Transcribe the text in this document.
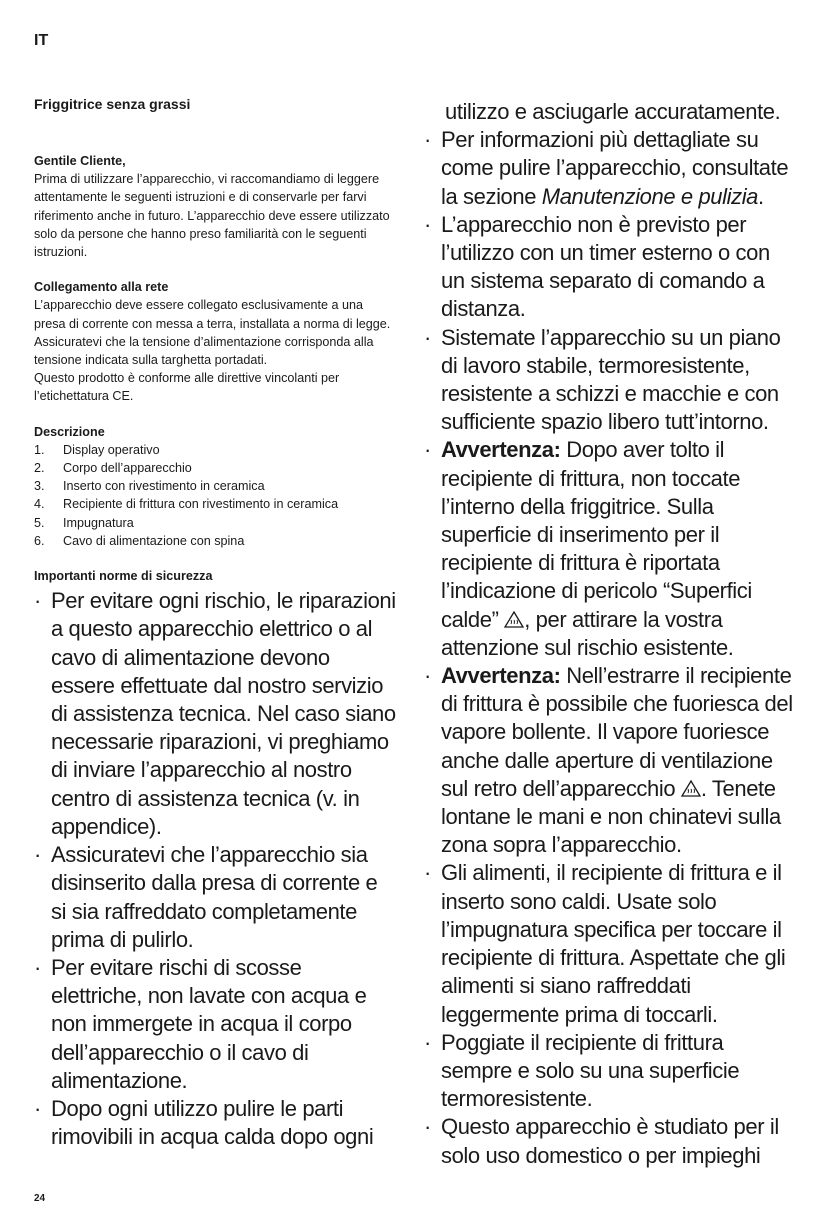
IT
Friggitrice senza grassi
Gentile Cliente,

Prima di utilizzare l’apparecchio, vi raccomandiamo di leggere attentamente le seguenti istruzioni e di conservarle per farvi riferimento anche in futuro. L’apparecchio deve essere utilizzato solo da persone che hanno preso familiarità con le seguenti istruzioni.

Collegamento alla rete

L’apparecchio deve essere collegato esclusivamente a una presa di corrente con messa a terra, installata a norma di legge.

Assicuratevi che la tensione d’alimentazione corrisponda alla tensione indicata sulla targhetta portadati.

Questo prodotto è conforme alle direttive vincolanti per l’etichettatura CE.

Descrizione
1.	Display operativo
2.	Corpo dell’apparecchio
3.	Inserto con rivestimento in ceramica
4.	Recipiente di frittura con rivestimento in ceramica
5.	Impugnatura
6.	Cavo di alimentazione con spina
Importanti norme di sicurezza
· Per evitare ogni rischio, le riparazioni a questo apparecchio elettrico o al cavo di alimentazione devono essere effettuate dal nostro servizio di assistenza tecnica. Nel caso siano necessarie riparazioni, vi preghiamo di inviare l’apparecchio al nostro centro di assistenza tecnica (v. in appendice).
· Assicuratevi che l’apparecchio sia disinserito dalla presa di corrente e si sia raffreddato completamente prima di pulirlo.
· Per evitare rischi di scosse elettriche, non lavate con acqua e non immergete in acqua il corpo dell’apparecchio o il cavo di alimentazione.
· Dopo ogni utilizzo pulire le parti rimovibili in acqua calda dopo ogni
utilizzo e asciugarle accuratamente.
· Per informazioni più dettagliate su come pulire l’apparecchio, consultate la sezione Manutenzione e pulizia.
· L’apparecchio non è previsto per l’utilizzo con un timer esterno o con un sistema separato di comando a distanza.
· Sistemate l’apparecchio su un piano di lavoro stabile, termoresistente, resistente a schizzi e macchie e con sufficiente spazio libero tutt’intorno.
· Avvertenza: Dopo aver tolto il recipiente di frittura, non toccate l’interno della friggitrice. Sulla superficie di inserimento per il recipiente di frittura è riportata l’indicazione di pericolo “Superfici calde” , per attirare la vostra attenzione sul rischio esistente.
· Avvertenza: Nell’estrarre il recipiente di frittura è possibile che fuoriesca del vapore bollente. Il vapore fuoriesce anche dalle aperture di ventilazione sul retro dell’apparecchio . Tenete lontane le mani e non chinatevi sulla zona sopra l’apparecchio.
· Gli alimenti, il recipiente di frittura e il inserto sono caldi. Usate solo l’impugnatura specifica per toccare il recipiente di frittura. Aspettate che gli alimenti si siano raffreddati leggermente prima di toccarli.
· Poggiate il recipiente di frittura sempre e solo su una superficie termoresistente.
· Questo apparecchio è studiato per il solo uso domestico o per impieghi
24
